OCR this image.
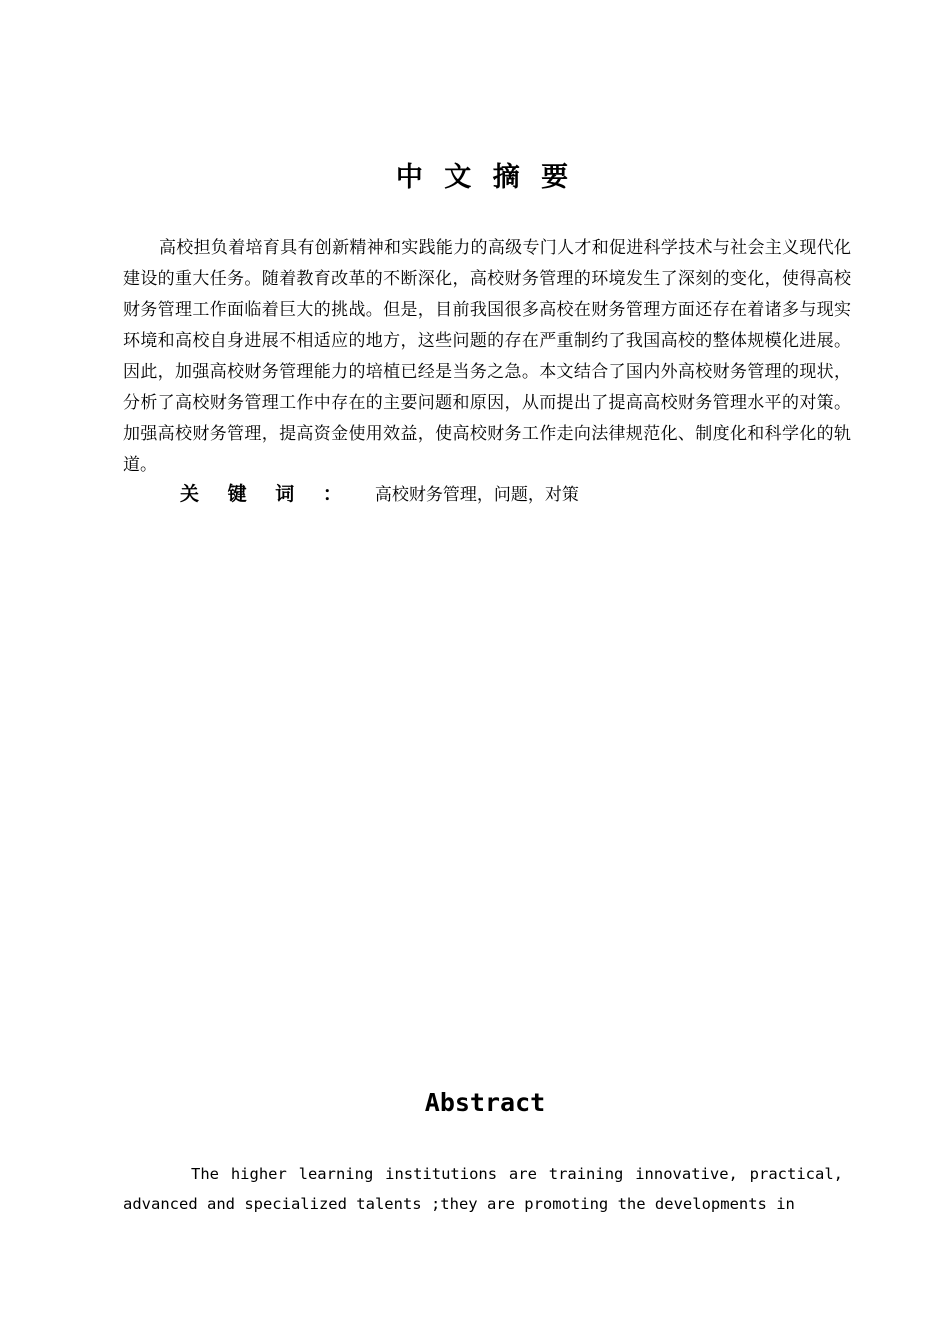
中 文 摘 要

高校担负着培育具有创新精神和实践能力的高级专门人才和促进科学技术与社会主义现代化建设的重大任务。随着教育改革的不断深化，高校财务管理的环境发生了深刻的变化，使得高校财务管理工作面临着巨大的挑战。但是，目前我国很多高校在财务管理方面还存在着诸多与现实环境和高校自身进展不相适应的地方，这些问题的存在严重制约了我国高校的整体规模化进展。因此，加强高校财务管理能力的培植已经是当务之急。本文结合了国内外高校财务管理的现状，分析了高校财务管理工作中存在的主要问题和原因，从而提出了提高高校财务管理水平的对策。加强高校财务管理，提高资金使用效益，使高校财务工作走向法律规范化、制度化和科学化的轨道。

关 键 词 ： 高校财务管理，问题，对策
Abstract

The higher learning institutions are training innovative, practical, advanced and specialized talents ;they are promoting the developments in
